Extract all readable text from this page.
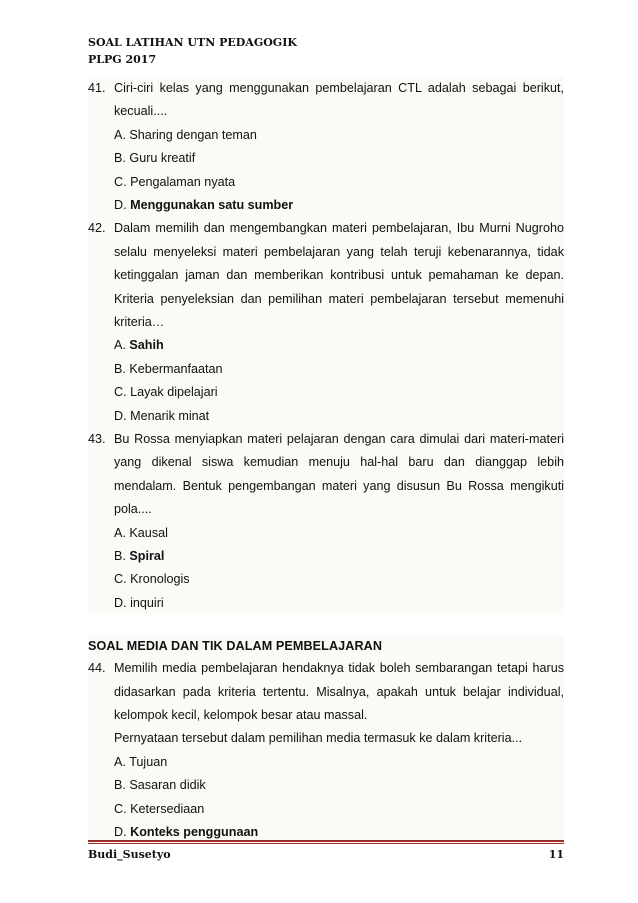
SOAL LATIHAN UTN PEDAGOGIK
PLPG 2017
41. Ciri-ciri kelas yang menggunakan pembelajaran CTL adalah sebagai berikut, kecuali....
A. Sharing dengan teman
B. Guru kreatif
C. Pengalaman nyata
D. Menggunakan satu sumber
42. Dalam memilih dan mengembangkan materi pembelajaran, Ibu Murni Nugroho selalu menyeleksi materi pembelajaran yang telah teruji kebenarannya, tidak ketinggalan jaman dan memberikan kontribusi untuk pemahaman ke depan. Kriteria penyeleksian dan pemilihan materi pembelajaran tersebut memenuhi kriteria…
A. Sahih
B. Kebermanfaatan
C. Layak dipelajari
D. Menarik minat
43. Bu Rossa menyiapkan materi pelajaran dengan cara dimulai dari materi-materi yang dikenal siswa kemudian menuju hal-hal baru dan dianggap lebih mendalam. Bentuk pengembangan materi yang disusun Bu Rossa mengikuti pola....
A. Kausal
B. Spiral
C. Kronologis
D. inquiri
SOAL MEDIA DAN TIK DALAM PEMBELAJARAN
44. Memilih media pembelajaran hendaknya tidak boleh sembarangan tetapi harus didasarkan pada kriteria tertentu. Misalnya, apakah untuk belajar individual, kelompok kecil, kelompok besar atau massal.
Pernyataan tersebut dalam pemilihan media termasuk ke dalam kriteria...
A. Tujuan
B. Sasaran didik
C. Ketersediaan
D. Konteks penggunaan
Budi_Susetyo	11
